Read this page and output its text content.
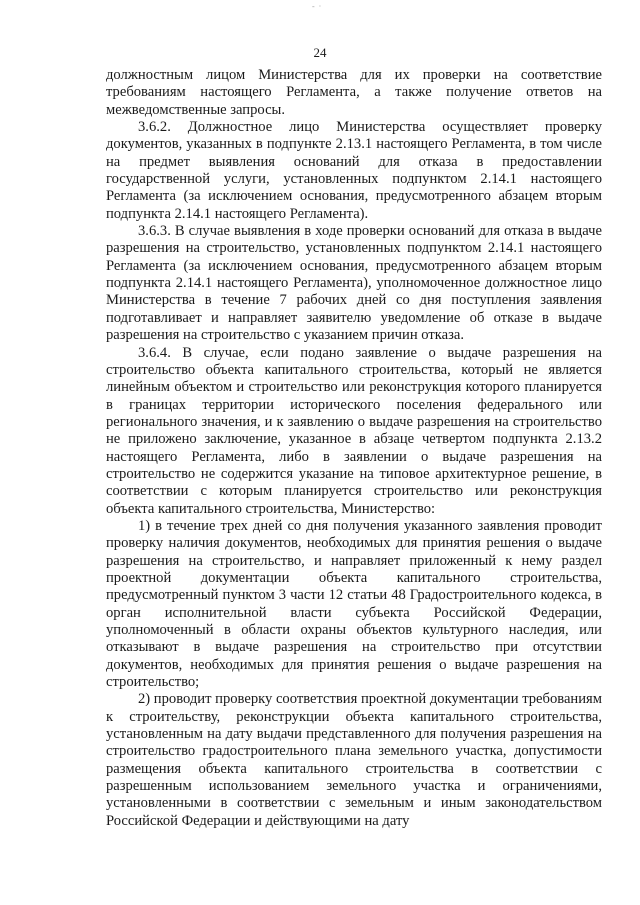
- ·
24

должностным лицом Министерства для их проверки на соответствие требованиям настоящего Регламента, а также получение ответов на межведомственные запросы.

3.6.2. Должностное лицо Министерства осуществляет проверку документов, указанных в подпункте 2.13.1 настоящего Регламента, в том числе на предмет выявления оснований для отказа в предоставлении государственной услуги, установленных подпунктом 2.14.1 настоящего Регламента (за исключением основания, предусмотренного абзацем вторым подпункта 2.14.1 настоящего Регламента).

3.6.3. В случае выявления в ходе проверки оснований для отказа в выдаче разрешения на строительство, установленных подпунктом 2.14.1 настоящего Регламента (за исключением основания, предусмотренного абзацем вторым подпункта 2.14.1 настоящего Регламента), уполномоченное должностное лицо Министерства в течение 7 рабочих дней со дня поступления заявления подготавливает и направляет заявителю уведомление об отказе в выдаче разрешения на строительство с указанием причин отказа.

3.6.4. В случае, если подано заявление о выдаче разрешения на строительство объекта капитального строительства, который не является линейным объектом и строительство или реконструкция которого планируется в границах территории исторического поселения федерального или регионального значения, и к заявлению о выдаче разрешения на строительство не приложено заключение, указанное в абзаце четвертом подпункта 2.13.2 настоящего Регламента, либо в заявлении о выдаче разрешения на строительство не содержится указание на типовое архитектурное решение, в соответствии с которым планируется строительство или реконструкция объекта капитального строительства, Министерство:

1) в течение трех дней со дня получения указанного заявления проводит проверку наличия документов, необходимых для принятия решения о выдаче разрешения на строительство, и направляет приложенный к нему раздел проектной документации объекта капитального строительства, предусмотренный пунктом 3 части 12 статьи 48 Градостроительного кодекса, в орган исполнительной власти субъекта Российской Федерации, уполномоченный в области охраны объектов культурного наследия, или отказывают в выдаче разрешения на строительство при отсутствии документов, необходимых для принятия решения о выдаче разрешения на строительство;

2) проводит проверку соответствия проектной документации требованиям к строительству, реконструкции объекта капитального строительства, установленным на дату выдачи представленного для получения разрешения на строительство градостроительного плана земельного участка, допустимости размещения объекта капитального строительства в соответствии с разрешенным использованием земельного участка и ограничениями, установленными в соответствии с земельным и иным законодательством Российской Федерации и действующими на дату
